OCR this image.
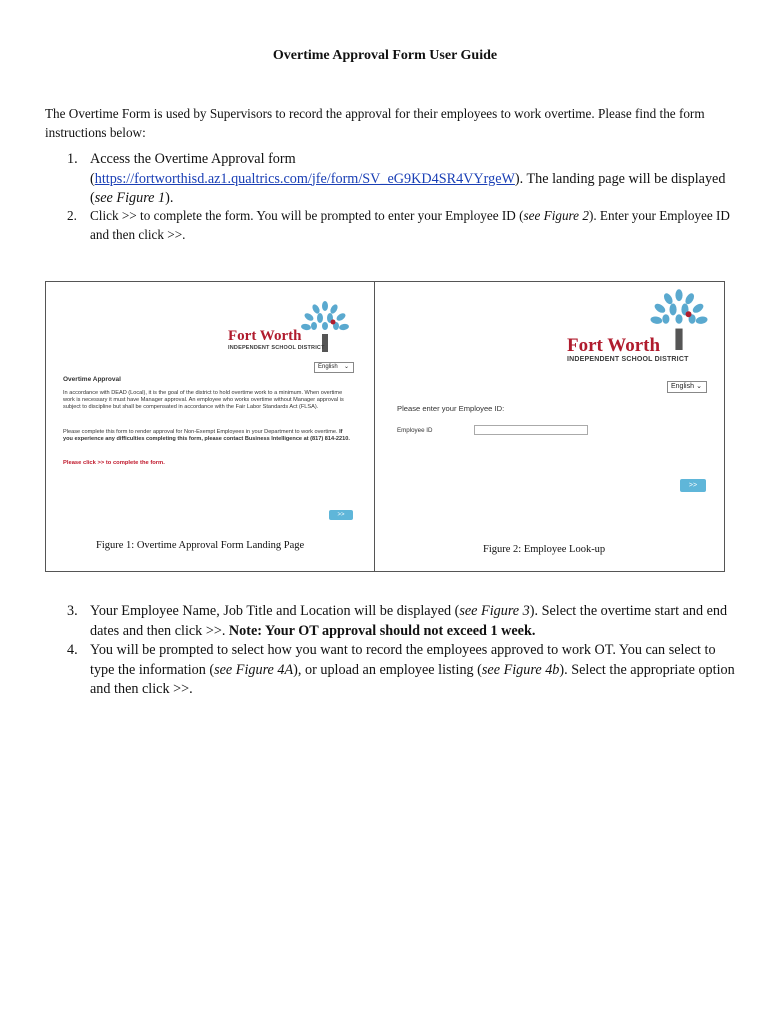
Overtime Approval Form User Guide
The Overtime Form is used by Supervisors to record the approval for their employees to work overtime. Please find the form instructions below:
1. Access the Overtime Approval form
(https://fortworthisd.az1.qualtrics.com/jfe/form/SV_eG9KD4SR4VYrgeW). The landing page will be displayed (see Figure 1).
2. Click >> to complete the form. You will be prompted to enter your Employee ID (see Figure 2). Enter your Employee ID and then click >>.
Fort Worth
INDEPENDENT SCHOOL DISTRICT
English ⌄
Overtime Approval
In accordance with DEAD (Local), it is the goal of the district to hold overtime work to a minimum. When overtime work is necessary it must have Manager approval. An employee who works overtime without Manager approval is subject to discipline but shall be compensated in accordance with the Fair Labor Standards Act (FLSA).
Please complete this form to render approval for Non-Exempt Employees in your Department to work overtime. If you experience any difficulties completing this form, please contact Business Intelligence at (817) 814-2210.
Please click >> to complete the form.
>>
Figure 1: Overtime Approval Form Landing Page
Fort Worth
INDEPENDENT SCHOOL DISTRICT
English ⌄
Please enter your Employee ID:
Employee ID
>>
Figure 2: Employee Look-up
3. Your Employee Name, Job Title and Location will be displayed (see Figure 3). Select the overtime start and end dates and then click >>. Note: Your OT approval should not exceed 1 week.
4. You will be prompted to select how you want to record the employees approved to work OT. You can select to type the information (see Figure 4A), or upload an employee listing (see Figure 4b). Select the appropriate option and then click >>.
